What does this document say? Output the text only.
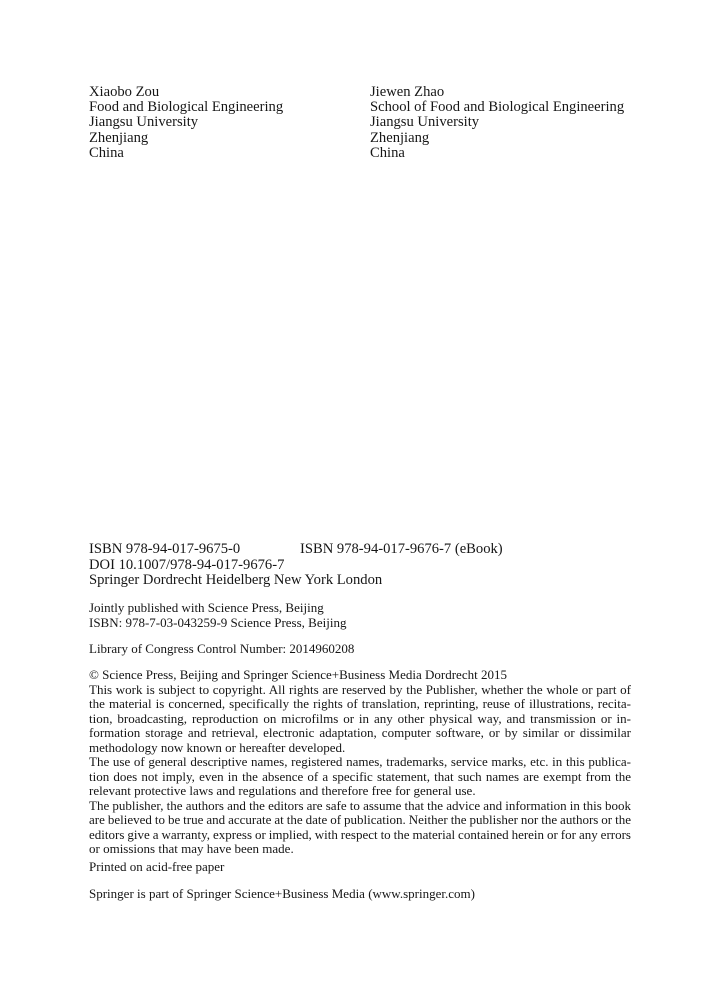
Xiaobo Zou
Food and Biological Engineering
Jiangsu University
Zhenjiang
China
Jiewen Zhao
School of Food and Biological Engineering
Jiangsu University
Zhenjiang
China
ISBN 978-94-017-9675-0	ISBN 978-94-017-9676-7 (eBook)
DOI 10.1007/978-94-017-9676-7
Springer Dordrecht Heidelberg New York London
Jointly published with Science Press, Beijing
ISBN: 978-7-03-043259-9 Science Press, Beijing
Library of Congress Control Number: 2014960208
© Science Press, Beijing and Springer Science+Business Media Dordrecht 2015
This work is subject to copyright. All rights are reserved by the Publisher, whether the whole or part of
the material is concerned, specifically the rights of translation, reprinting, reuse of illustrations, recita-
tion, broadcasting, reproduction on microfilms or in any other physical way, and transmission or in-
formation storage and retrieval, electronic adaptation, computer software, or by similar or dissimilar
methodology now known or hereafter developed.
The use of general descriptive names, registered names, trademarks, service marks, etc. in this publica-
tion does not imply, even in the absence of a specific statement, that such names are exempt from the
relevant protective laws and regulations and therefore free for general use.
The publisher, the authors and the editors are safe to assume that the advice and information in this book
are believed to be true and accurate at the date of publication. Neither the publisher nor the authors or the
editors give a warranty, express or implied, with respect to the material contained herein or for any errors
or omissions that may have been made.
Printed on acid-free paper
Springer is part of Springer Science+Business Media (www.springer.com)
